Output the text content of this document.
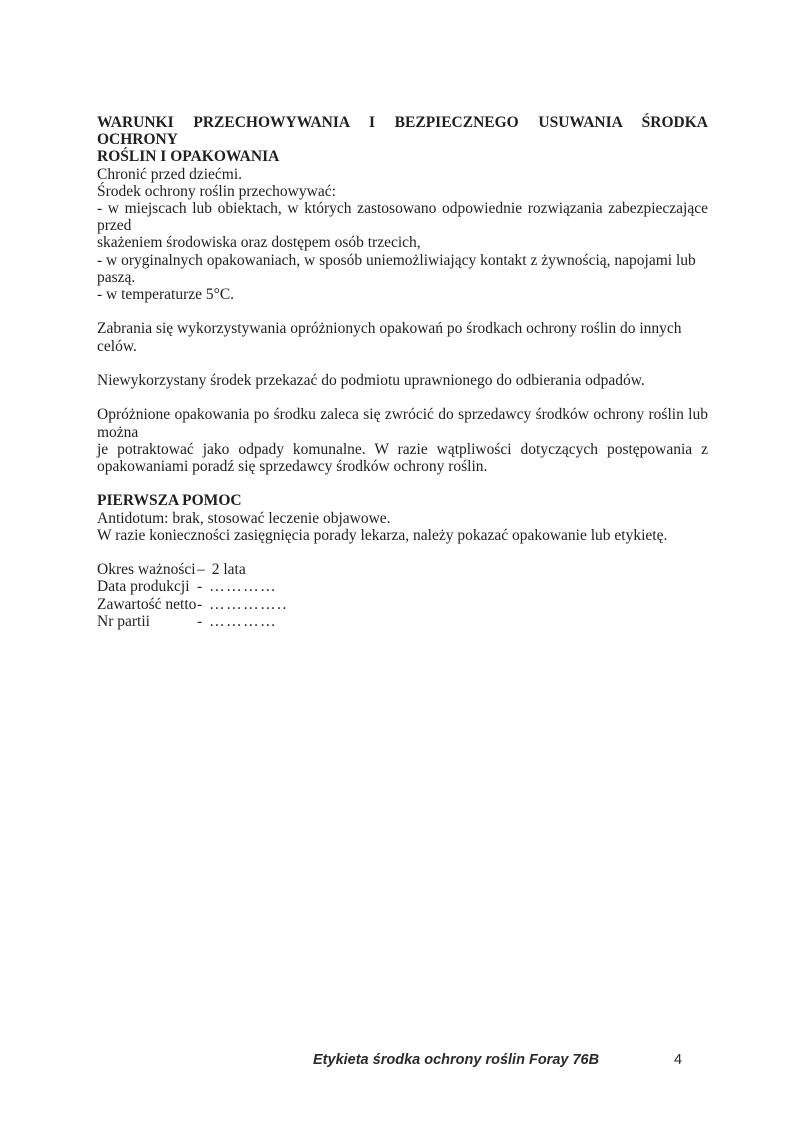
WARUNKI PRZECHOWYWANIA I BEZPIECZNEGO USUWANIA ŚRODKA OCHRONY
ROŚLIN I OPAKOWANIA
Chronić przed dziećmi.
Środek ochrony roślin przechowywać:
- w miejscach lub obiektach, w których zastosowano odpowiednie rozwiązania zabezpieczające przed
skażeniem środowiska oraz dostępem osób trzecich,
- w oryginalnych opakowaniach, w sposób uniemożliwiający kontakt z żywnością, napojami lub paszą.
- w temperaturze 5°C.
Zabrania się wykorzystywania opróżnionych opakowań po środkach ochrony roślin do innych celów.
Niewykorzystany środek przekazać do podmiotu uprawnionego do odbierania odpadów.
Opróżnione opakowania po środku zaleca się zwrócić do sprzedawcy środków ochrony roślin lub można
je potraktować jako odpady komunalne. W razie wątpliwości dotyczących postępowania z
opakowaniami poradź się sprzedawcy środków ochrony roślin.
PIERWSZA POMOC
Antidotum: brak, stosować leczenie objawowe.
W razie konieczności zasięgnięcia porady lekarza, należy pokazać opakowanie lub etykietę.
Okres ważności – 2 lata
Data produkcji - …………
Zawartość netto - …………..
Nr partii	- …………
Etykieta środka ochrony roślin Foray 76B	4
